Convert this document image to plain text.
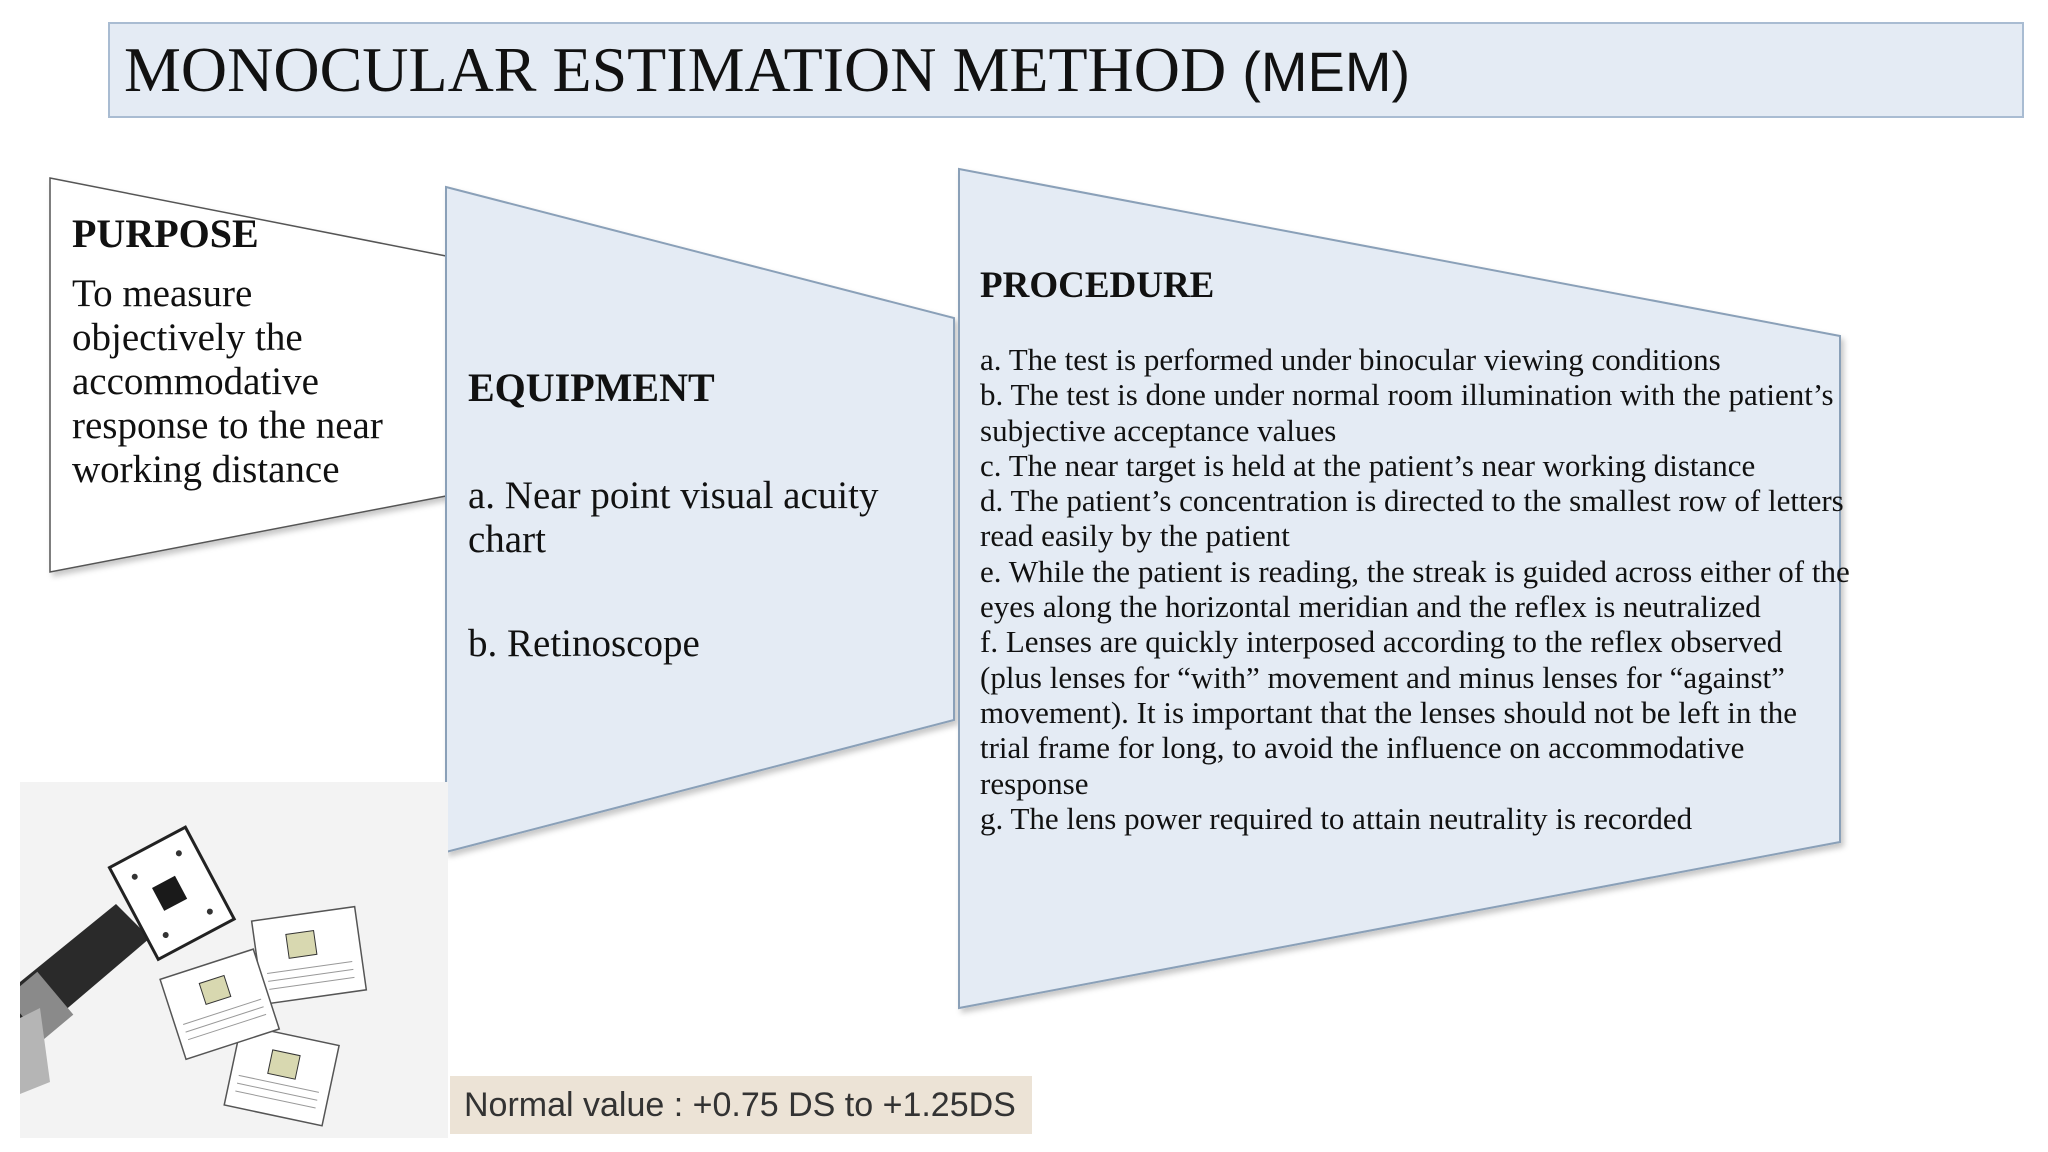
MONOCULAR ESTIMATION METHOD (MEM)
PURPOSE
To measure objectively the accommodative response to the near working distance
EQUIPMENT
a. Near point visual acuity chart
b. Retinoscope
PROCEDURE
a. The test is performed under binocular viewing conditions
b. The test is done under normal room illumination with the patient’s subjective acceptance values
c. The near target is held at the patient’s near working distance
d. The patient’s concentration is directed to the smallest row of letters read easily by the patient
e. While the patient is reading, the streak is guided across either of the eyes along the horizontal meridian and the reflex is neutralized
f. Lenses are quickly interposed according to the reflex observed (plus lenses for “with” movement and minus lenses for “against” movement). It is important that the lenses should not be left in the trial frame for long, to avoid the influence on accommodative response
g. The lens power required to attain neutrality is recorded
Normal value : +0.75 DS to +1.25DS
